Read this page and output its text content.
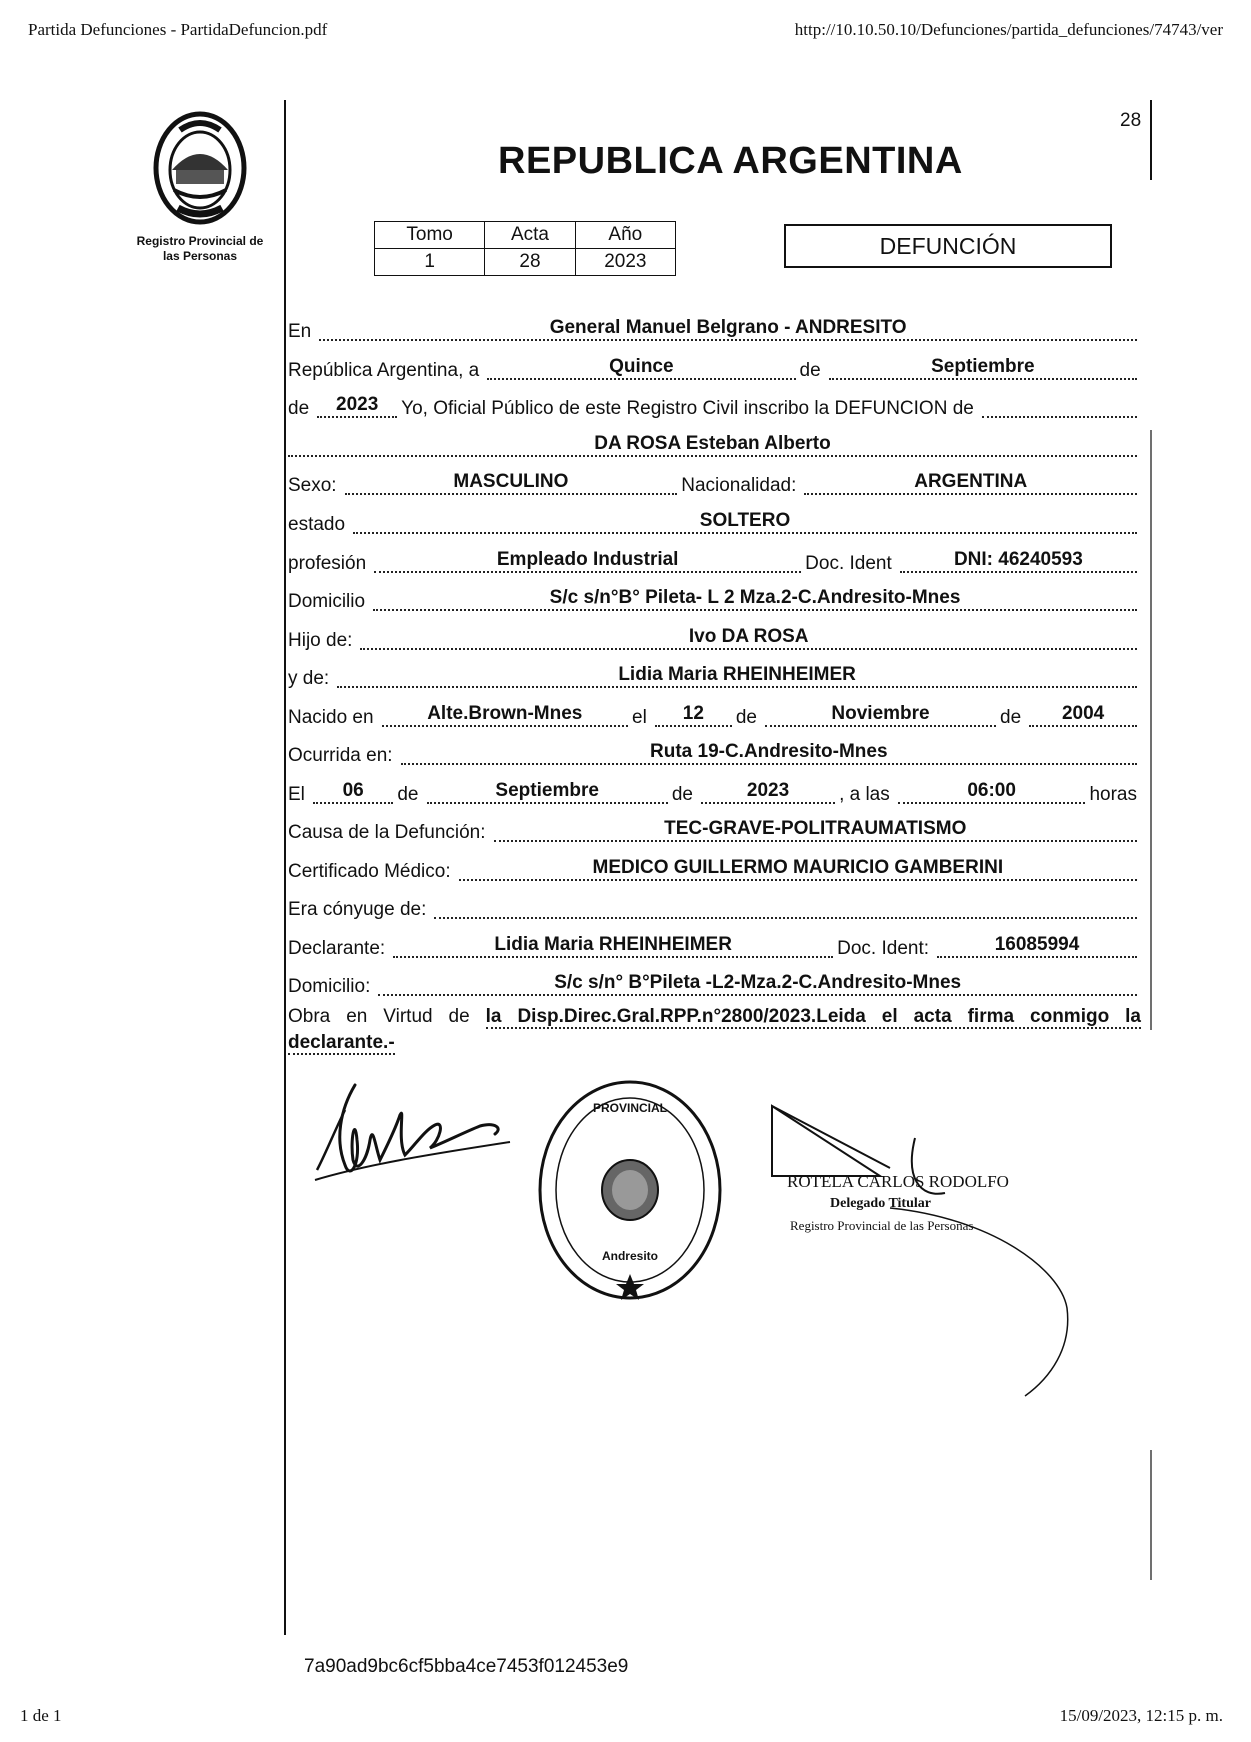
Partida Defunciones - PartidaDefuncion.pdf	http://10.10.50.10/Defunciones/partida_defunciones/74743/ver
Registro Provincial de
las Personas
28
REPUBLICA ARGENTINA
Tomo	Acta	Año
1	28	2023
DEFUNCIÓN
En	General Manuel Belgrano - ANDRESITO
República Argentina, a	Quince	de	Septiembre
de	2023	Yo, Oficial Público de este Registro Civil inscribo la DEFUNCION de
DA ROSA Esteban Alberto
Sexo:	MASCULINO	Nacionalidad:	ARGENTINA
estado	SOLTERO
profesión	Empleado Industrial	Doc. Ident	DNI: 46240593
Domicilio	S/c s/n°B° Pileta- L 2 Mza.2-C.Andresito-Mnes
Hijo de:	Ivo DA ROSA
y de:	Lidia Maria RHEINHEIMER
Nacido en	Alte.Brown-Mnes	el	12	de	Noviembre	de	2004
Ocurrida en:	Ruta 19-C.Andresito-Mnes
El	06	de	Septiembre	de	2023	, a las	06:00	horas
Causa de la Defunción:	TEC-GRAVE-POLITRAUMATISMO
Certificado Médico:	MEDICO GUILLERMO MAURICIO GAMBERINI
Era cónyuge de:
Declarante:	Lidia Maria RHEINHEIMER	Doc. Ident:	16085994
Domicilio:	S/c s/n° B°Pileta -L2-Mza.2-C.Andresito-Mnes
Obra en Virtud de la Disp.Direc.Gral.RPP.n°2800/2023.Leida el acta firma conmigo la declarante.-
PROVINCIAL
Andresito
ROTELA CARLOS RODOLFO
Delegado Titular
Registro Provincial de las Personas
7a90ad9bc6cf5bba4ce7453f012453e9
1 de 1	15/09/2023, 12:15 p. m.
